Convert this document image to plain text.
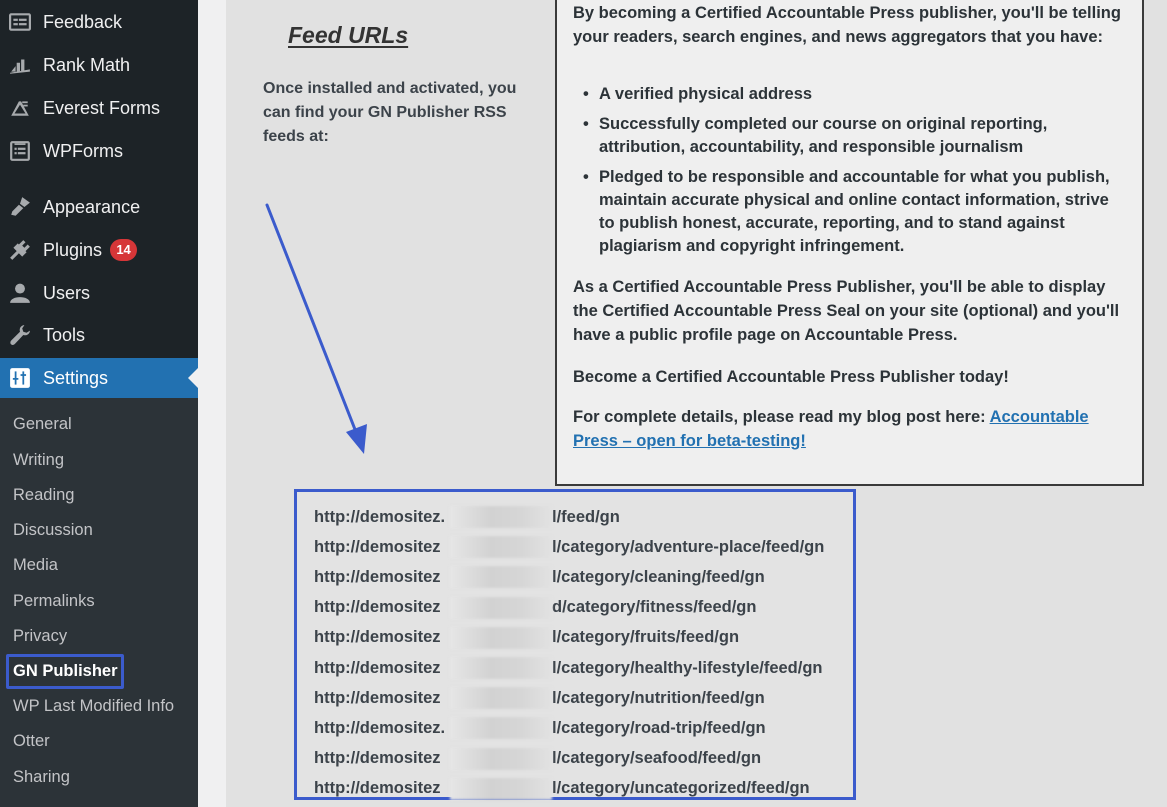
Feedback
Rank Math
Everest Forms
WPForms
Appearance
Plugins	14
Users
Tools
Settings
General
Writing
Reading
Discussion
Media
Permalinks
Privacy
GN Publisher
WP Last Modified Info
Otter
Sharing
Feed URLs

Once installed and activated, you can find your GN Publisher RSS feeds at:

By becoming a Certified Accountable Press publisher, you'll be telling your readers, search engines, and news aggregators that you have:

• A verified physical address
• Successfully completed our course on original reporting, attribution, accountability, and responsible journalism
• Pledged to be responsible and accountable for what you publish, maintain accurate physical and online contact information, strive to publish honest, accurate, reporting, and to stand against plagiarism and copyright infringement.

As a Certified Accountable Press Publisher, you'll be able to display the Certified Accountable Press Seal on your site (optional) and you'll have a public profile page on Accountable Press.

Become a Certified Accountable Press Publisher today!

For complete details, please read my blog post here: Accountable Press – open for beta-testing!

http://demositez.	l/feed/gn
http://demositez	l/category/adventure-place/feed/gn
http://demositez	l/category/cleaning/feed/gn
http://demositez	d/category/fitness/feed/gn
http://demositez	l/category/fruits/feed/gn
http://demositez	l/category/healthy-lifestyle/feed/gn
http://demositez	l/category/nutrition/feed/gn
http://demositez.	l/category/road-trip/feed/gn
http://demositez	l/category/seafood/feed/gn
http://demositez	l/category/uncategorized/feed/gn
